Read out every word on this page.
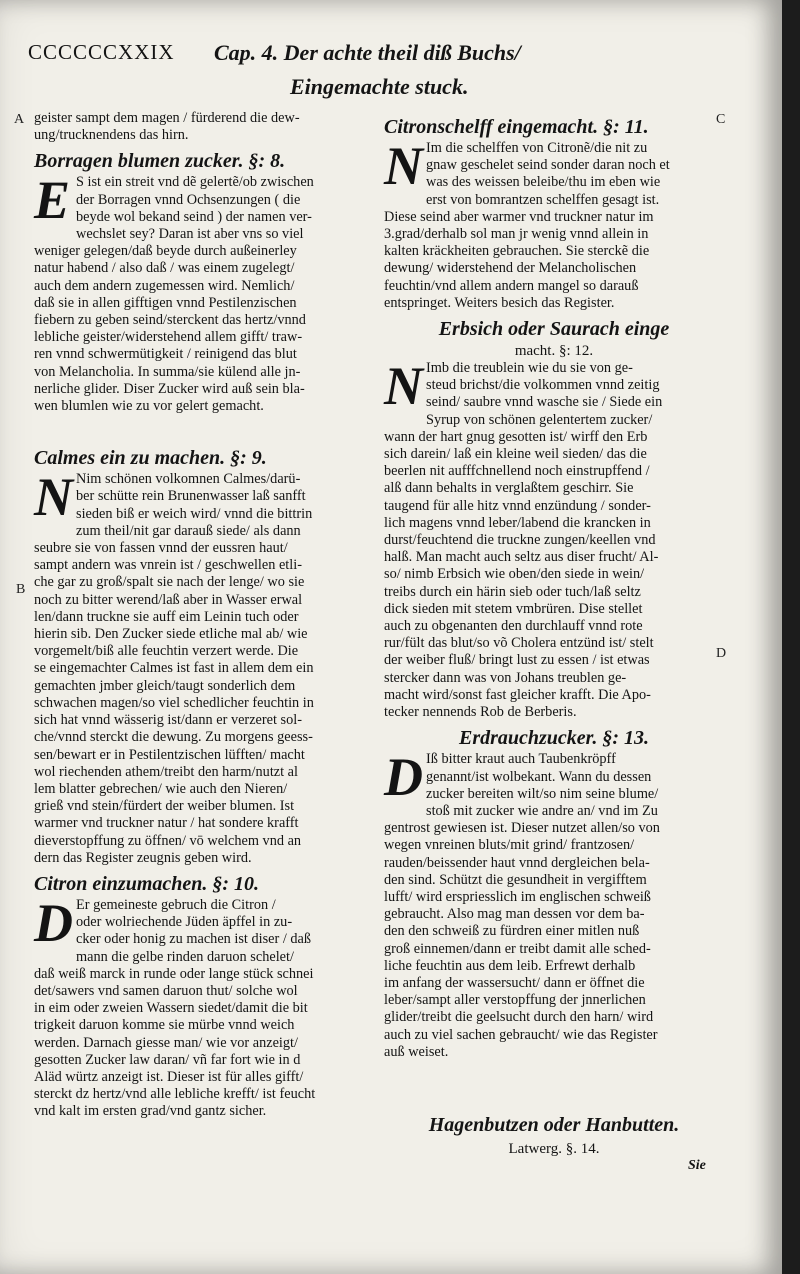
CCCCCCXXIX Cap. 4. Der achte theil diß Buchs/
Eingemachte stuck.
A
B
C
D
geister sampt dem magen / fürderend die dew-
ung/trucknendens das hirn.
Borragen blumen zucker. §: 8.
E S ist ein streit vnd dẽ gelertẽ/ob zwischen
der Borragen vnnd Ochsenzungen ( die
beyde wol bekand seind ) der namen ver-
wechslet sey? Daran ist aber vns so viel
weniger gelegen/daß beyde durch außeinerley
natur habend / also daß / was einem zugelegt/
auch dem andern zugemessen wird. Nemlich/
daß sie in allen gifftigen vnnd Pestilenzischen
fiebern zu geben seind/sterckent das hertz/vnnd
lebliche geister/widerstehend allem gifft/ traw-
ren vnnd schwermütigkeit / reinigend das blut
von Melancholia. In summa/sie külend alle jn-
nerliche glider. Diser Zucker wird auß sein bla-
wen blumlen wie zu vor gelert gemacht.
Calmes ein zu machen. §: 9.
N Nim schönen volkomnen Calmes/darü-
ber schütte rein Brunenwasser laß sanfft
sieden biß er weich wird/ vnnd die bittrin
zum theil/nit gar darauß siede/ als dann
seubre sie von fassen vnnd der eussren haut/
sampt andern was vnrein ist / geschwellen etli-
che gar zu groß/spalt sie nach der lenge/ wo sie
noch zu bitter werend/laß aber in Wasser erwal
len/dann truckne sie auff eim Leinin tuch oder
hierin sib. Den Zucker siede etliche mal ab/ wie
vorgemelt/biß alle feuchtin verzert werde. Die
se eingemachter Calmes ist fast in allem dem ein
gemachten jmber gleich/taugt sonderlich dem
schwachen magen/so viel schedlicher feuchtin in
sich hat vnnd wässerig ist/dann er verzeret sol-
che/vnnd sterckt die dewung. Zu morgens geess-
sen/bewart er in Pestilentzischen lüfften/ macht
wol riechenden athem/treibt den harm/nutzt al
lem blatter gebrechen/ wie auch den Nieren/
grieß vnd stein/fürdert der weiber blumen. Ist
warmer vnd truckner natur / hat sondere krafft
dieverstopffung zu öffnen/ vō welchem vnd an
dern das Register zeugnis geben wird.
Citron einzumachen. §: 10.
D Er gemeineste gebruch die Citron /
oder wolriechende Jüden äpffel in zu-
cker oder honig zu machen ist diser / daß
mann die gelbe rinden daruon schelet/
daß weiß marck in runde oder lange stück schnei
det/sawers vnd samen daruon thut/ solche wol
in eim oder zweien Wassern siedet/damit die bit
trigkeit daruon komme sie mürbe vnnd weich
werden. Darnach giesse man/ wie vor anzeigt/
gesotten Zucker law daran/ vñ far fort wie in d
Aläd würtz anzeigt ist. Dieser ist für alles gifft/
sterckt dz hertz/vnd alle lebliche krefft/ ist feucht
vnd kalt im ersten grad/vnd gantz sicher.
Citronschelff eingemacht. §: 11.
N Im die schelffen von Citronẽ/die nit zu
gnaw geschelet seind sonder daran noch et
was des weissen beleibe/thu im eben wie
erst von bomrantzen schelffen gesagt ist.
Diese seind aber warmer vnd truckner natur im
3.grad/derhalb sol man jr wenig vnnd allein in
kalten kräckheiten gebrauchen. Sie sterckẽ die
dewung/ widerstehend der Melancholischen
feuchtin/vnd allem andern mangel so darauß
entspringet. Weiters besich das Register.
Erbsich oder Saurach einge
macht. §: 12.
N Imb die treublein wie du sie von ge-
steud brichst/die volkommen vnnd zeitig
seind/ saubre vnnd wasche sie / Siede ein
Syrup von schönen gelentertem zucker/
wann der hart gnug gesotten ist/ wirff den Erb
sich darein/ laß ein kleine weil sieden/ das die
beerlen nit aufffchnellend noch einstrupffend /
alß dann behalts in verglaßtem geschirr. Sie
taugend für alle hitz vnnd enzündung / sonder-
lich magens vnnd leber/labend die krancken in
durst/feuchtend die truckne zungen/keellen vnd
halß. Man macht auch seltz aus diser frucht/ Al-
so/ nimb Erbsich wie oben/den siede in wein/
treibs durch ein härin sieb oder tuch/laß seltz
dick sieden mit stetem vmbrüren. Dise stellet
auch zu obgenanten den durchlauff vnnd rote
rur/fült das blut/so võ Cholera entzünd ist/ stelt
der weiber fluß/ bringt lust zu essen / ist etwas
stercker dann was von Johans treublen ge-
macht wird/sonst fast gleicher krafft. Die Apo-
tecker nennends Rob de Berberis.
Erdrauchzucker. §: 13.
D Iß bitter kraut auch Taubenkröpff
genannt/ist wolbekant. Wann du dessen
zucker bereiten wilt/so nim seine blume/
stoß mit zucker wie andre an/ vnd im Zu
gentrost gewiesen ist. Dieser nutzet allen/so von
wegen vnreinen bluts/mit grind/ frantzosen/
rauden/beissender haut vnnd dergleichen bela-
den sind. Schützt die gesundheit in vergifftem
lufft/ wird erspriesslich im englischen schweiß
gebraucht. Also mag man dessen vor dem ba-
den den schweiß zu fürdren einer mitlen nuß
groß einnemen/dann er treibt damit alle sched-
liche feuchtin aus dem leib. Erfrewt derhalb
im anfang der wassersucht/ dann er öffnet die
leber/sampt aller verstopffung der jnnerlichen
glider/treibt die geelsucht durch den harn/ wird
auch zu viel sachen gebraucht/ wie das Register
auß weiset.
Hagenbutzen oder Hanbutten.
Latwerg. §. 14.
Sie
